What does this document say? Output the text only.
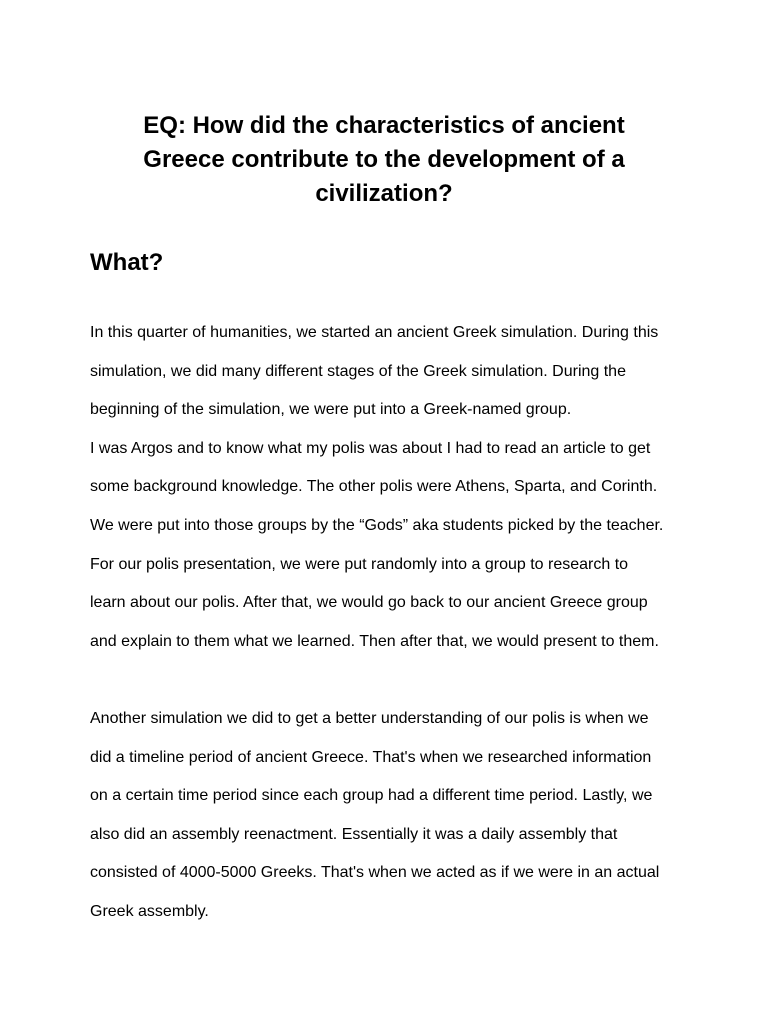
EQ: How did the characteristics of ancient
Greece contribute to the development of a
civilization?
What?
In this quarter of humanities, we started an ancient Greek simulation. During this
simulation, we did many different stages of the Greek simulation. During the
beginning of the simulation, we were put into a Greek-named group.
I was Argos and to know what my polis was about I had to read an article to get
some background knowledge. The other polis were Athens, Sparta, and Corinth.
We were put into those groups by the “Gods” aka students picked by the teacher.
For our polis presentation, we were put randomly into a group to research to
learn about our polis. After that, we would go back to our ancient Greece group
and explain to them what we learned. Then after that, we would present to them.
Another simulation we did to get a better understanding of our polis is when we
did a timeline period of ancient Greece. That's when we researched information
on a certain time period since each group had a different time period. Lastly, we
also did an assembly reenactment. Essentially it was a daily assembly that
consisted of 4000-5000 Greeks. That's when we acted as if we were in an actual
Greek assembly.
